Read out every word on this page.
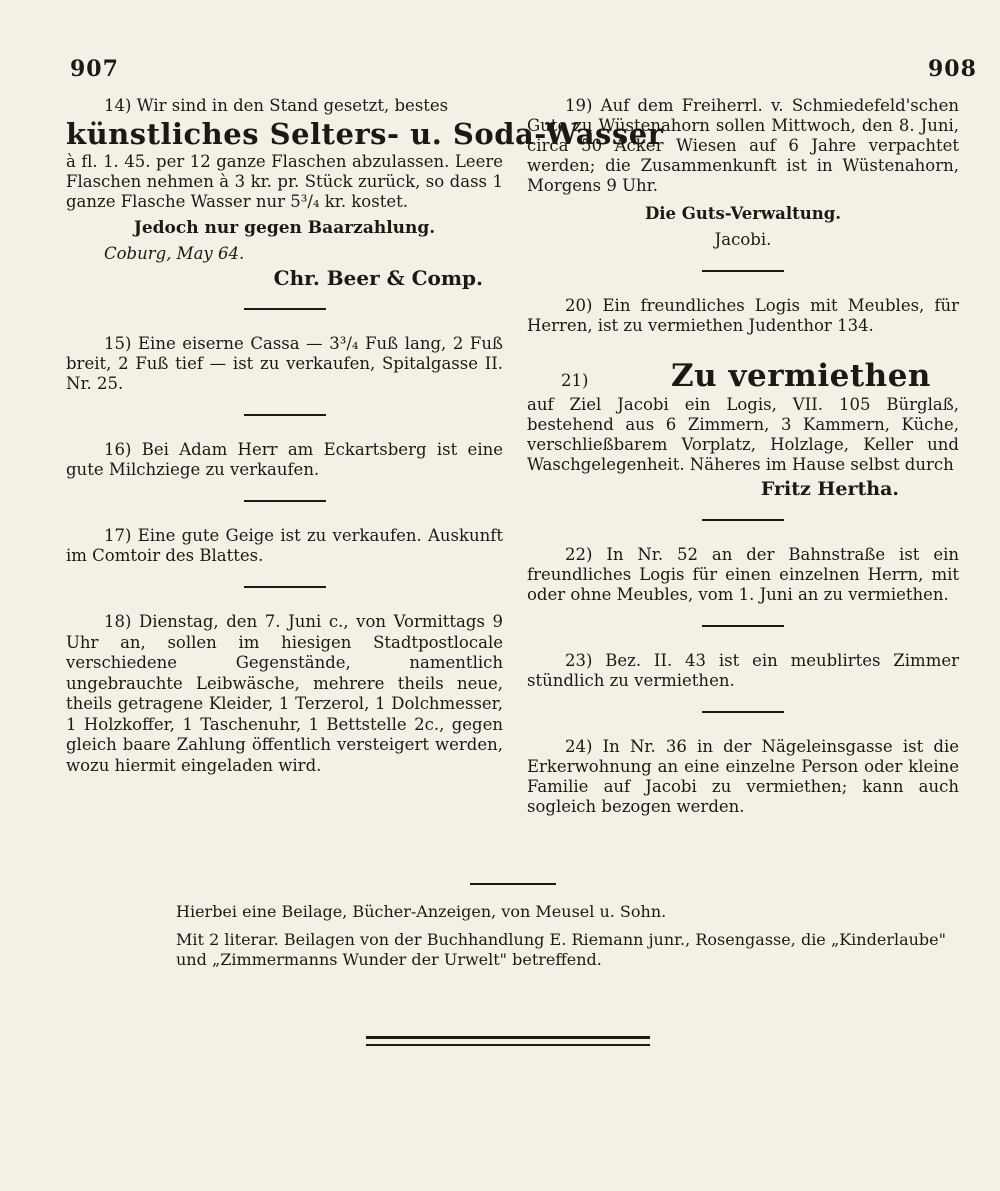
907	908

14) Wir sind in den Stand gesetzt, bestes

künstliches Selters- u. Soda-Wasser

à fl. 1. 45. per 12 ganze Flaschen abzulassen. Leere Flaschen nehmen à 3 kr. pr. Stück zurück, so dass 1 ganze Flasche Wasser nur 5³/₄ kr. kostet.

Jedoch nur gegen Baarzahlung.

Coburg, May 64.

Chr. Beer & Comp.

15) Eine eiserne Cassa — 3³/₄ Fuß lang, 2 Fuß breit, 2 Fuß tief — ist zu verkaufen, Spitalgasse II. Nr. 25.

16) Bei Adam Herr am Eckartsberg ist eine gute Milchziege zu verkaufen.

17) Eine gute Geige ist zu verkaufen. Auskunft im Comtoir des Blattes.

18) Dienstag, den 7. Juni c., von Vormittags 9 Uhr an, sollen im hiesigen Stadtpostlocale verschiedene Gegenstände, namentlich ungebrauchte Leibwäsche, mehrere theils neue, theils getragene Kleider, 1 Terzerol, 1 Dolchmesser, 1 Holzkoffer, 1 Taschenuhr, 1 Bettstelle 2c., gegen gleich baare Zahlung öffentlich versteigert werden, wozu hiermit eingeladen wird.

19) Auf dem Freiherrl. v. Schmiedefeld'schen Gute zu Wüstenahorn sollen Mittwoch, den 8. Juni, circa 50 Acker Wiesen auf 6 Jahre verpachtet werden; die Zusammenkunft ist in Wüstenahorn, Morgens 9 Uhr.

Die Guts-Verwaltung.

Jacobi.

20) Ein freundliches Logis mit Meubles, für Herren, ist zu vermiethen Judenthor 134.

21)	Zu vermiethen

auf Ziel Jacobi ein Logis, VII. 105 Bürglaß, bestehend aus 6 Zimmern, 3 Kammern, Küche, verschließbarem Vorplatz, Holzlage, Keller und Waschgelegenheit. Näheres im Hause selbst durch

Fritz Hertha.

22) In Nr. 52 an der Bahnstraße ist ein freundliches Logis für einen einzelnen Herrn, mit oder ohne Meubles, vom 1. Juni an zu vermiethen.

23) Bez. II. 43 ist ein meublirtes Zimmer stündlich zu vermiethen.

24) In Nr. 36 in der Nägeleinsgasse ist die Erkerwohnung an eine einzelne Person oder kleine Familie auf Jacobi zu vermiethen; kann auch sogleich bezogen werden.

Hierbei eine Beilage, Bücher-Anzeigen, von Meusel u. Sohn.

Mit 2 literar. Beilagen von der Buchhandlung E. Riemann junr., Rosengasse, die „Kinderlaube" und „Zimmermanns Wunder der Urwelt" betreffend.
